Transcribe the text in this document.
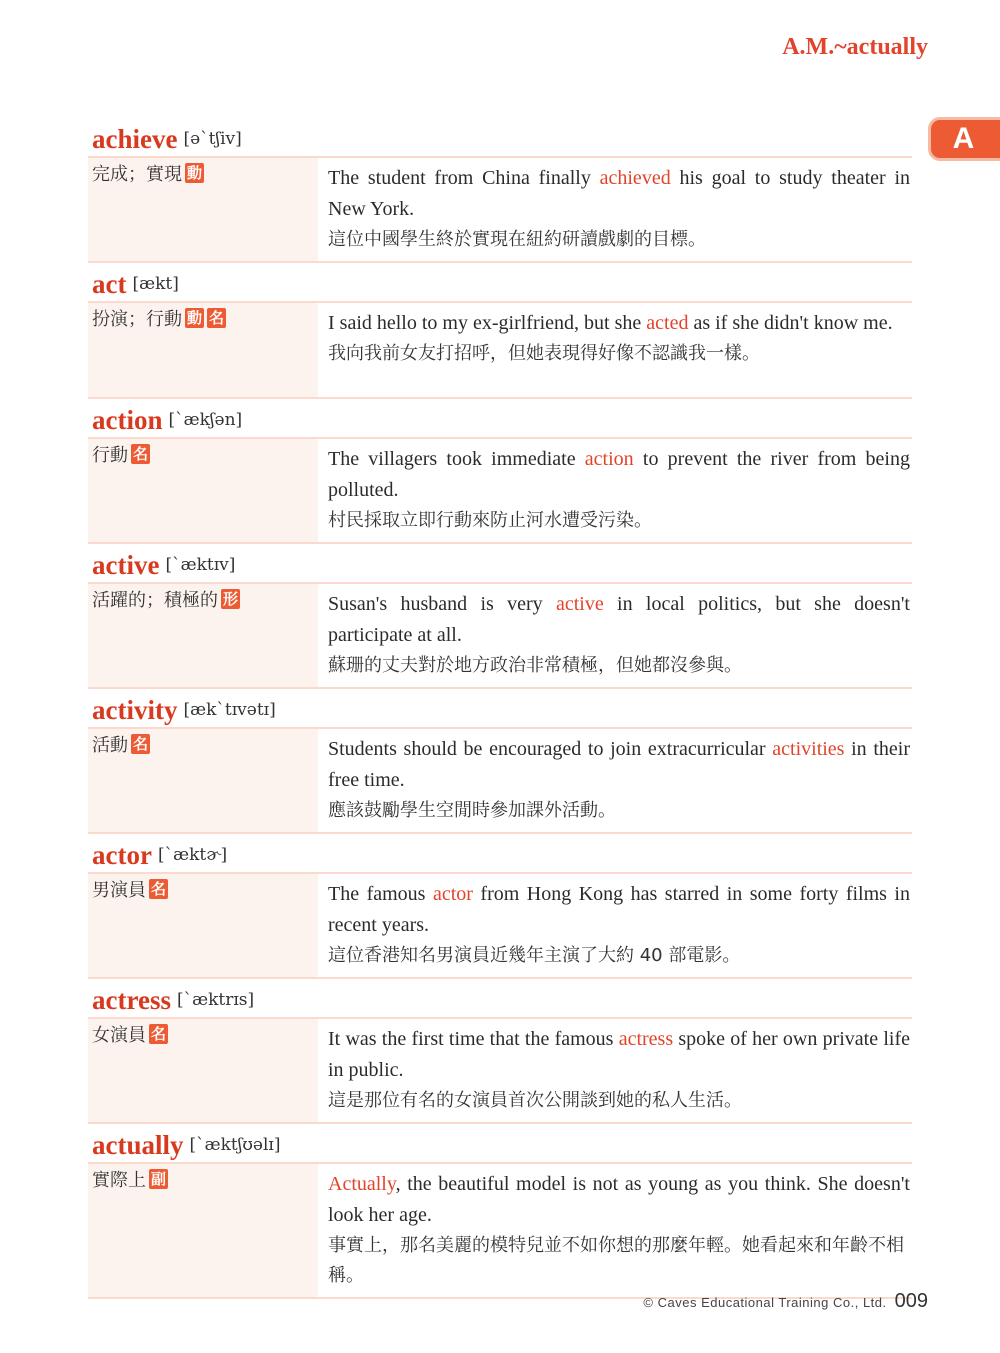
A.M.~actually
A
achieve [ə`tʃiv]
完成；實現 動	The student from China finally achieved his goal to study theater in New York.

這位中國學生終於實現在紐約研讀戲劇的目標。

act [ækt]
扮演；行動 動 名	I said hello to my ex-girlfriend, but she acted as if she didn't know me.

我向我前女友打招呼，但她表現得好像不認識我一樣。

action [`ækʃən]
行動 名	The villagers took immediate action to prevent the river from being polluted.

村民採取立即行動來防止河水遭受污染。

active [`æktɪv]
活躍的；積極的 形	Susan's husband is very active in local politics, but she doesn't participate at all.

蘇珊的丈夫對於地方政治非常積極，但她都沒參與。

activity [æk`tɪvətɪ]
活動 名	Students should be encouraged to join extracurricular activities in their free time.

應該鼓勵學生空閒時參加課外活動。

actor [`æktɚ]
男演員 名	The famous actor from Hong Kong has starred in some forty films in recent years.

這位香港知名男演員近幾年主演了大約 40 部電影。

actress [`æktrɪs]
女演員 名	It was the first time that the famous actress spoke of her own private life in public.

這是那位有名的女演員首次公開談到她的私人生活。

actually [`æktʃʊəlɪ]
實際上 副	Actually, the beautiful model is not as young as you think. She doesn't look her age.

事實上，那名美麗的模特兒並不如你想的那麼年輕。她看起來和年齡不相稱。

© Caves Educational Training Co., Ltd. 009
